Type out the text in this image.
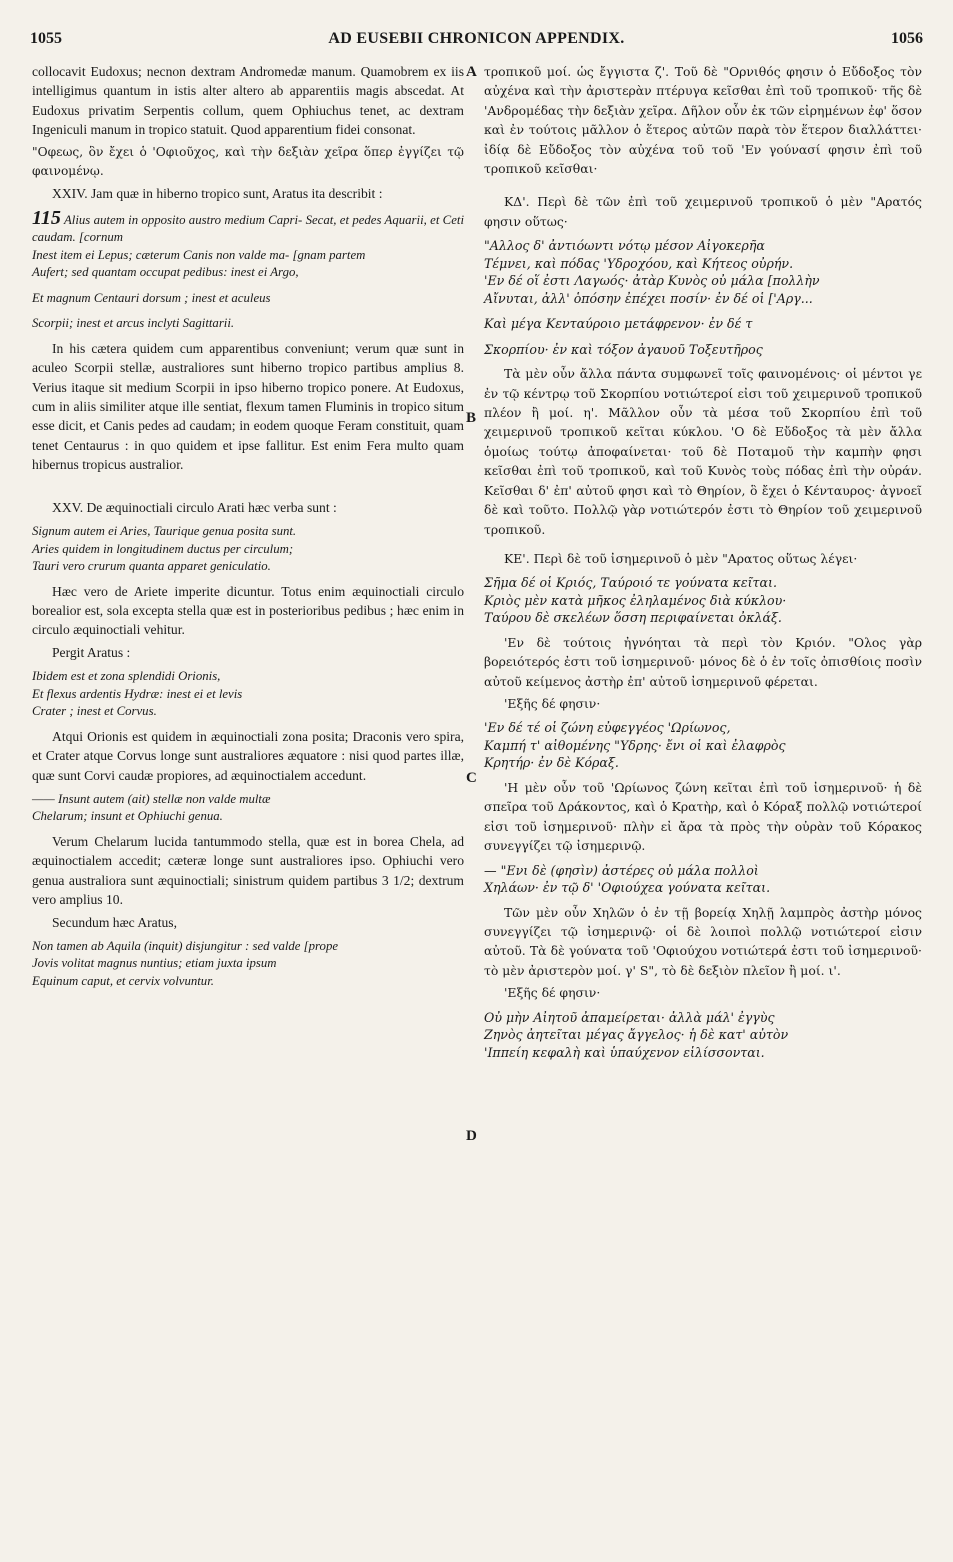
1055	AD EUSEBII CHRONICON APPENDIX.	1056
A
B
C
D

collocavit Eudoxus; necnon dextram Andromedæ manum. Quamobrem ex iis intelligimus quantum in istis alter altero ab apparentiis magis abscedat. At Eudoxus privatim Serpentis collum, quem Ophiuchus tenet, ac dextram Ingeniculi manum in tropico statuit. Quod apparentium fidei consonat.

"Οφεως, ὃν ἔχει ὁ 'Οφιοῦχος, καὶ τὴν δεξιὰν χεῖρα ὅπερ ἐγγίζει τῷ φαινομένῳ.

XXIV. Jam quæ in hiberno tropico sunt, Aratus ita describit :

115 Alius autem in opposito austro medium Capri- Secat, et pedes Aquarii, et Ceti caudam. [cornum
Inest item ei Lepus; cæterum Canis non valde ma- [gnam partem
Aufert; sed quantam occupat pedibus: inest ei Argo,
Et magnum Centauri dorsum ; inest et aculeus
Scorpii; inest et arcus inclyti Sagittarii.

In his cætera quidem cum apparentibus conveniunt; verum quæ sunt in aculeo Scorpii stellæ, australiores sunt hiberno tropico partibus amplius 8. Verius itaque sit medium Scorpii in ipso hiberno tropico ponere. At Eudoxus, cum in aliis similiter atque ille sentiat, flexum tamen Fluminis in tropico situm esse dicit, et Canis pedes ad caudam; in eodem quoque Feram constituit, quam tenet Centaurus : in quo quidem et ipse fallitur. Est enim Fera multo quam hibernus tropicus australior.

XXV. De æquinoctiali circulo Arati hæc verba sunt :

Signum autem ei Aries, Taurique genua posita sunt.
Aries quidem in longitudinem ductus per circulum;
Tauri vero crurum quanta apparet geniculatio.

Hæc vero de Ariete imperite dicuntur. Totus enim æquinoctiali circulo borealior est, sola excepta stella quæ est in posterioribus pedibus ; hæc enim in circulo æquinoctiali vehitur.

Pergit Aratus :

Ibidem est et zona splendidi Orionis,
Et flexus ardentis Hydræ: inest ei et levis
Crater ; inest et Corvus.

Atqui Orionis est quidem in æquinoctiali zona posita; Draconis vero spira, et Crater atque Corvus longe sunt australiores æquatore : nisi quod partes illæ, quæ sunt Corvi caudæ propiores, ad æquinoctialem accedunt.

—— Insunt autem (ait) stellæ non valde multæ
Chelarum; insunt et Ophiuchi genua.

Verum Chelarum lucida tantummodo stella, quæ est in borea Chela, ad æquinoctialem accedit; cæteræ longe sunt australiores ipso. Ophiuchi vero genua australiora sunt æquinoctiali; sinistrum quidem partibus 3 1/2; dextrum vero amplius 10.

Secundum hæc Aratus,

Non tamen ab Aquila (inquit) disjungitur : sed valde [prope
Jovis volitat magnus nuntius; etiam juxta ipsum
Equinum caput, et cervix volvuntur.

τροπικοῦ μοί. ὡς ἔγγιστα ζ'. Τοῦ δὲ "Ορνιθός φησιν ὁ Εὔδοξος τὸν αὐχένα καὶ τὴν ἀριστερὰν πτέρυγα κεῖσθαι ἐπὶ τοῦ τροπικοῦ· τῆς δὲ 'Ανδρομέδας τὴν δεξιὰν χεῖρα. Δῆλον οὖν ἐκ τῶν εἰρημένων ἐφ' ὅσον καὶ ἐν τούτοις μᾶλλον ὁ ἕτερος αὐτῶν παρὰ τὸν ἕτερον διαλλάττει· ἰδίᾳ δὲ Εὔδοξος τὸν αὐχένα τοῦ τοῦ 'Εν γούνασί φησιν ἐπὶ τοῦ τροπικοῦ κεῖσθαι·

ΚΔ'. Περὶ δὲ τῶν ἐπὶ τοῦ χειμερινοῦ τροπικοῦ ὁ μὲν "Αρατός φησιν οὕτως·

"Αλλος δ' ἀντιόωντι νότῳ μέσον Αἰγοκερῆα
Τέμνει, καὶ πόδας 'Υδροχόου, καὶ Κήτεος οὐρήν.
'Εν δέ οἵ ἐστι Λαγωός· ἀτὰρ Κυνὸς οὐ μάλα [πολλὴν
Αἴνυται, ἀλλ' ὁπόσην ἐπέχει ποσίν· ἐν δέ οἱ ['Αργ...
Καὶ μέγα Κενταύροιο μετάφρενον· ἐν δέ τ
Σκορπίου· ἐν καὶ τόξον ἀγαυοῦ Τοξευτῆρος

Τὰ μὲν οὖν ἄλλα πάντα συμφωνεῖ τοῖς φαινομένοις· οἱ μέντοι γε ἐν τῷ κέντρῳ τοῦ Σκορπίου νοτιώτεροί εἰσι τοῦ χειμερινοῦ τροπικοῦ πλέον ἢ μοί. η'. Μᾶλλον οὖν τὰ μέσα τοῦ Σκορπίου ἐπὶ τοῦ χειμερινοῦ τροπικοῦ κεῖται κύκλου. 'Ο δὲ Εὔδοξος τὰ μὲν ἄλλα ὁμοίως τούτῳ ἀποφαίνεται· τοῦ δὲ Ποταμοῦ τὴν καμπὴν φησι κεῖσθαι ἐπὶ τοῦ τροπικοῦ, καὶ τοῦ Κυνὸς τοὺς πόδας ἐπὶ τὴν οὐράν. Κεῖσθαι δ' ἐπ' αὐτοῦ φησι καὶ τὸ Θηρίον, ὃ ἔχει ὁ Κένταυρος· ἀγνοεῖ δὲ καὶ τοῦτο. Πολλῷ γὰρ νοτιώτερόν ἐστι τὸ Θηρίον τοῦ χειμερινοῦ τροπικοῦ.

ΚΕ'. Περὶ δὲ τοῦ ἰσημερινοῦ ὁ μὲν "Αρατος οὕτως λέγει·

Σῆμα δέ οἱ Κριός, Ταύροιό τε γούνατα κεῖται.
Κριὸς μὲν κατὰ μῆκος ἐληλαμένος διὰ κύκλου·
Ταύρου δὲ σκελέων ὅσση περιφαίνεται ὀκλάξ.

'Εν δὲ τούτοις ἠγνόηται τὰ περὶ τὸν Κριόν. "Ολος γὰρ βορειότερός ἐστι τοῦ ἰσημερινοῦ· μόνος δὲ ὁ ἐν τοῖς ὀπισθίοις ποσὶν αὐτοῦ κείμενος ἀστὴρ ἐπ' αὐτοῦ ἰσημερινοῦ φέρεται.

'Εξῆς δέ φησιν·

'Εν δέ τέ οἱ ζώνη εὐφεγγέος 'Ωρίωνος,
Καμπή τ' αἰθομένης "Υδρης· ἔνι οἱ καὶ ἐλαφρὸς
Κρητήρ· ἐν δὲ Κόραξ.

'Η μὲν οὖν τοῦ 'Ωρίωνος ζώνη κεῖται ἐπὶ τοῦ ἰσημερινοῦ· ἡ δὲ σπεῖρα τοῦ Δράκοντος, καὶ ὁ Κρατὴρ, καὶ ὁ Κόραξ πολλῷ νοτιώτεροί εἰσι τοῦ ἰσημερινοῦ· πλὴν εἰ ἄρα τὰ πρὸς τὴν οὐρὰν τοῦ Κόρακος συνεγγίζει τῷ ἰσημερινῷ.

— "Ενι δὲ (φησὶν) ἀστέρες οὐ μάλα πολλοὶ
Χηλάων· ἐν τῷ δ' 'Οφιούχεα γούνατα κεῖται.

Τῶν μὲν οὖν Χηλῶν ὁ ἐν τῇ βορείᾳ Χηλῇ λαμπρὸς ἀστὴρ μόνος συνεγγίζει τῷ ἰσημερινῷ· οἱ δὲ λοιποὶ πολλῷ νοτιώτεροί εἰσιν αὐτοῦ. Τὰ δὲ γούνατα τοῦ 'Οφιούχου νοτιώτερά ἐστι τοῦ ἰσημερινοῦ· τὸ μὲν ἀριστερὸν μοί. γ' S", τὸ δὲ δεξιὸν πλεῖον ἢ μοί. ι'.

'Εξῆς δέ φησιν·

Οὐ μὴν Αἰητοῦ ἀπαμείρεται· ἀλλὰ μάλ' ἐγγὺς
Ζηνὸς ἀητεῖται μέγας ἄγγελος· ἡ δὲ κατ' αὐτὸν
'Ιππείη κεφαλὴ καὶ ὑπαύχενον εἱλίσσονται.
